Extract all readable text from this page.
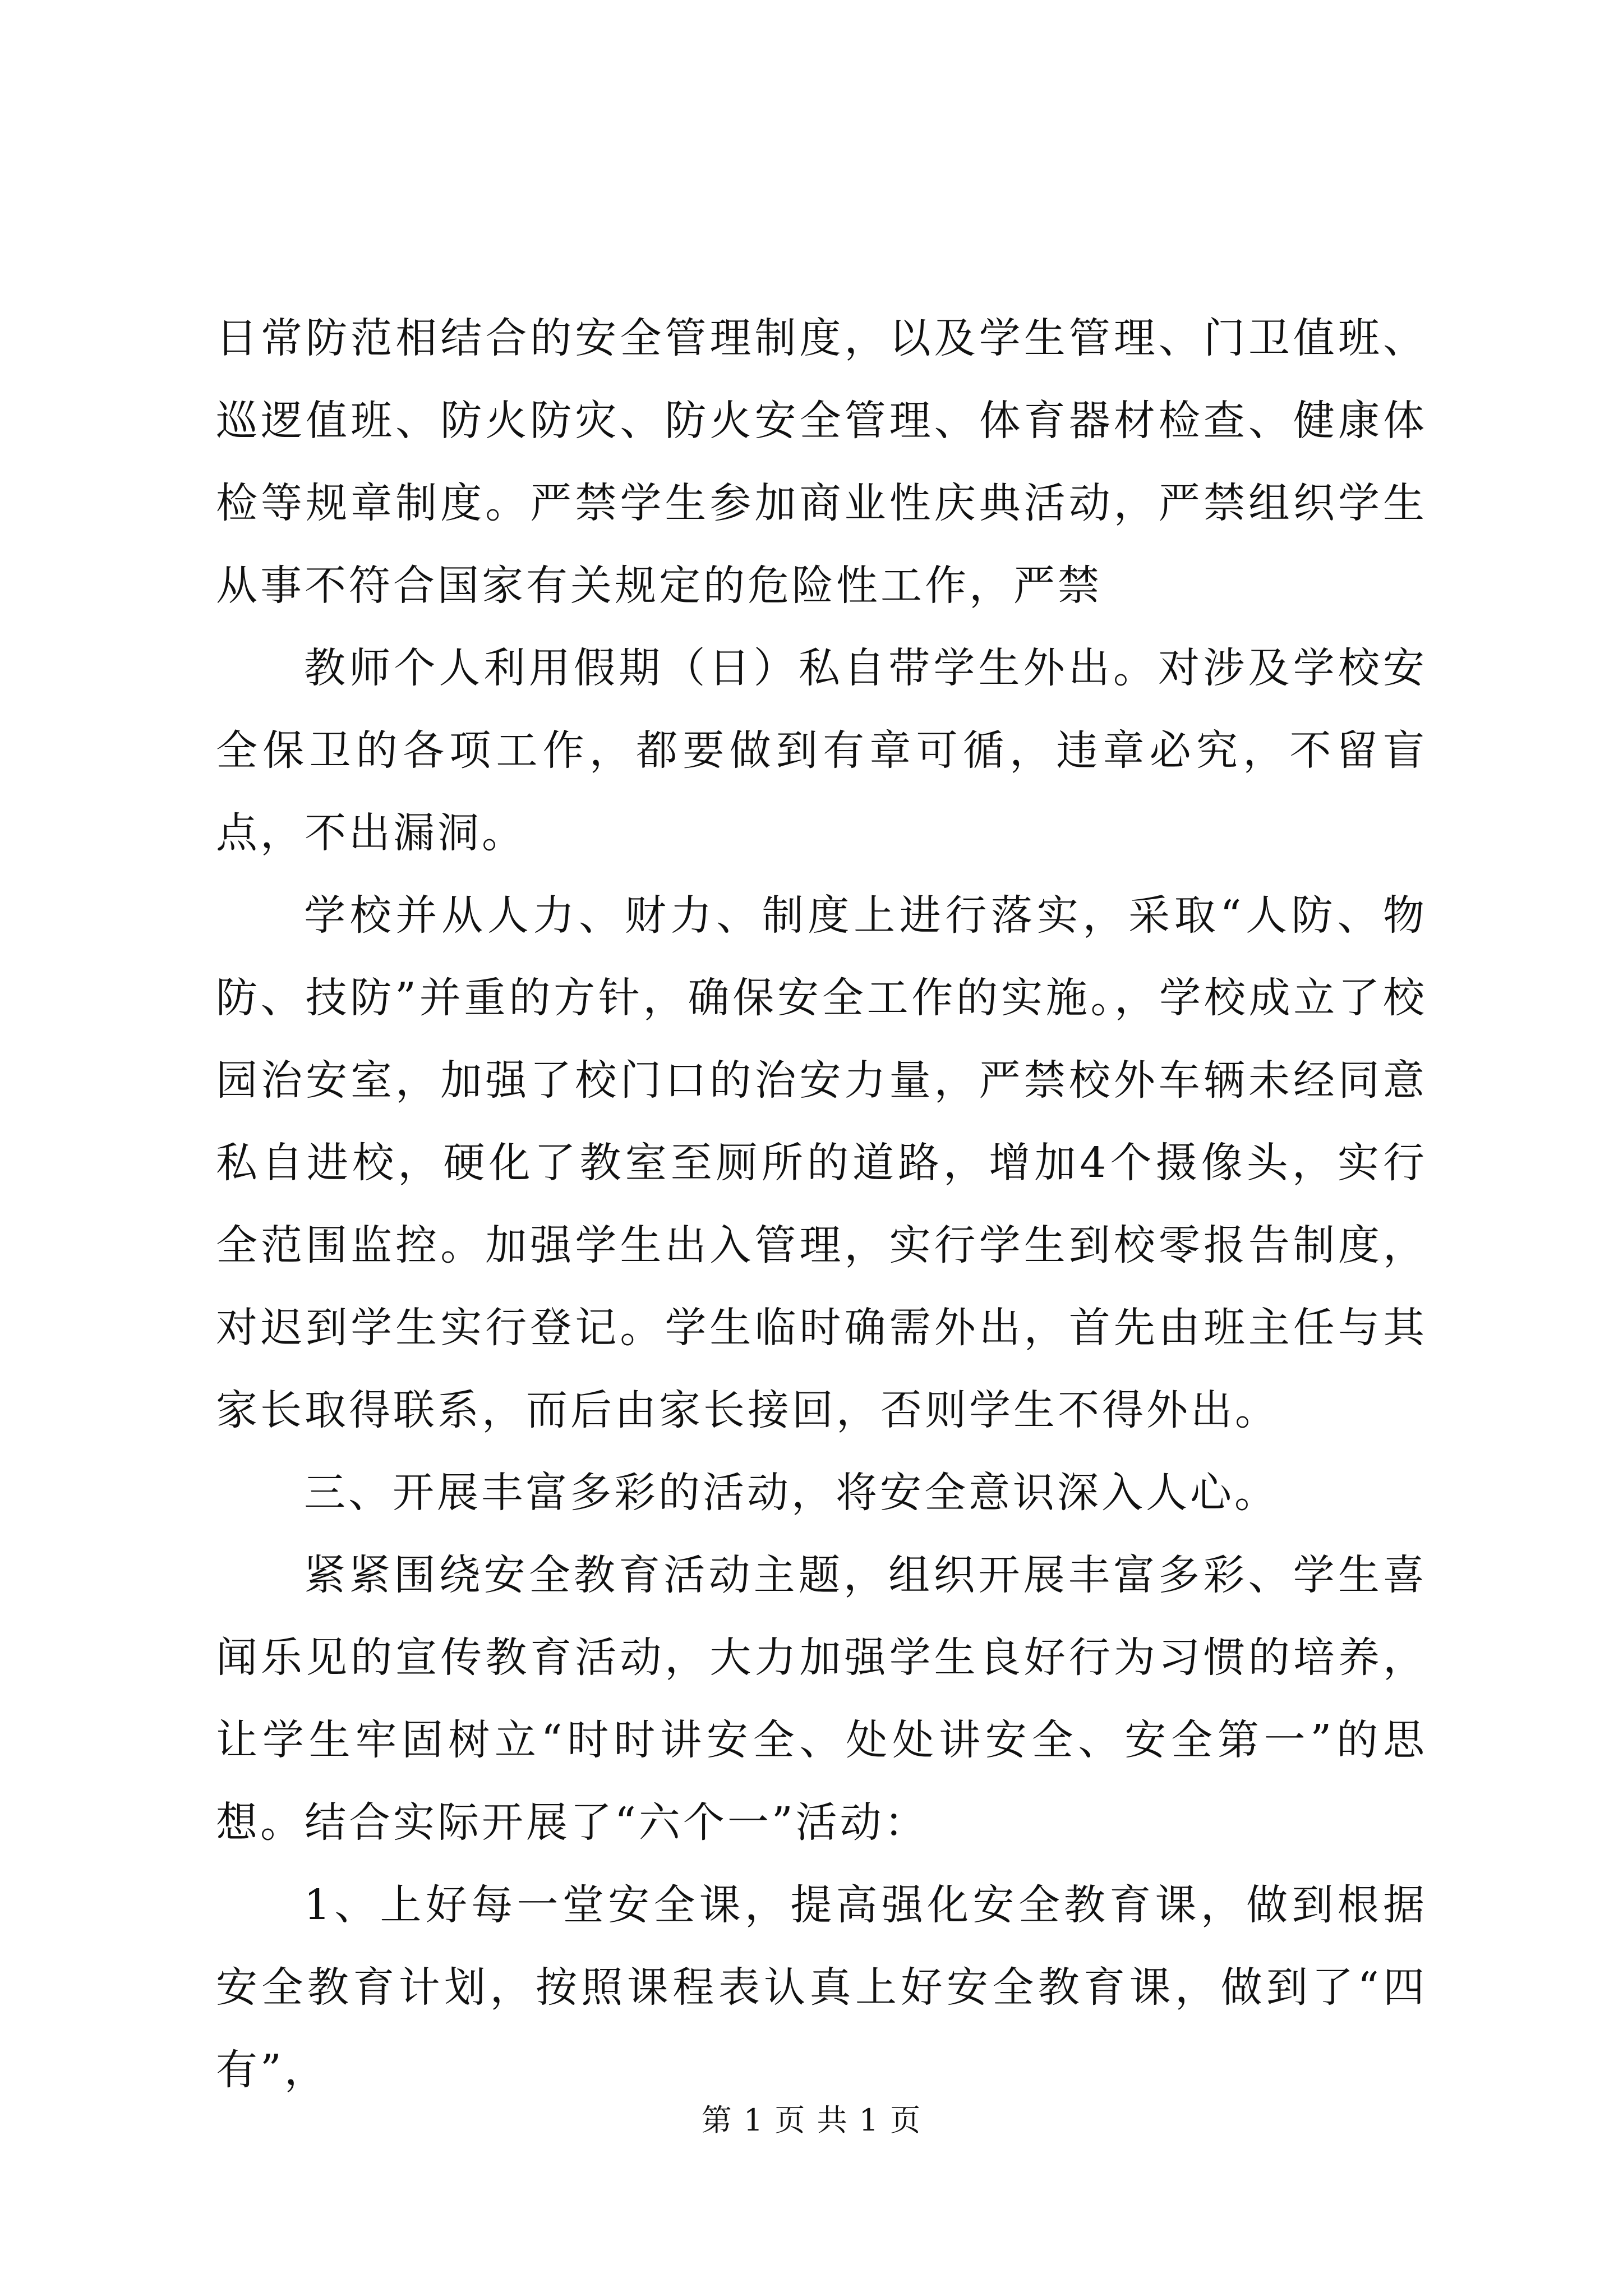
日常防范相结合的安全管理制度，以及学生管理、门卫值班、巡逻值班、防火防灾、防火安全管理、体育器材检查、健康体检等规章制度。严禁学生参加商业性庆典活动，严禁组织学生从事不符合国家有关规定的危险性工作，严禁

教师个人利用假期（日）私自带学生外出。对涉及学校安全保卫的各项工作，都要做到有章可循，违章必究，不留盲点，不出漏洞。

学校并从人力、财力、制度上进行落实，采取“人防、物防、技防”并重的方针，确保安全工作的实施。，学校成立了校园治安室，加强了校门口的治安力量，严禁校外车辆未经同意私自进校，硬化了教室至厕所的道路，增加4个摄像头，实行全范围监控。加强学生出入管理，实行学生到校零报告制度，对迟到学生实行登记。学生临时确需外出，首先由班主任与其家长取得联系，而后由家长接回，否则学生不得外出。

三、开展丰富多彩的活动，将安全意识深入人心。

紧紧围绕安全教育活动主题，组织开展丰富多彩、学生喜闻乐见的宣传教育活动，大力加强学生良好行为习惯的培养，让学生牢固树立“时时讲安全、处处讲安全、安全第一”的思想。结合实际开展了“六个一”活动：

1、上好每一堂安全课，提高强化安全教育课，做到根据安全教育计划，按照课程表认真上好安全教育课，做到了“四有”，

第 1 页 共 1 页
